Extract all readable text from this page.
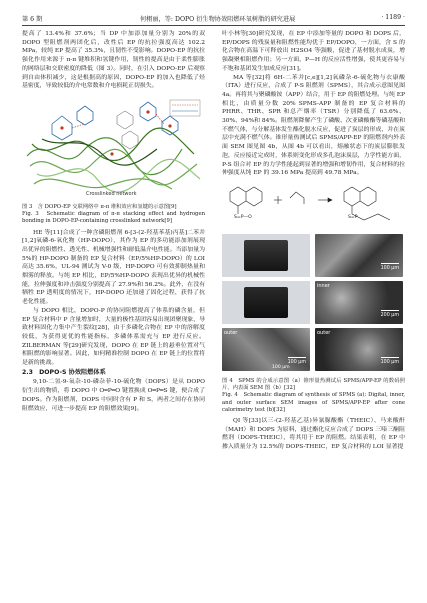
第 6 期	何栩丽，等: DOPO 衍生物协效阻燃环氧树脂的研究进展	· 1189 ·

提高了 13.4%和 37.6%；当 DP 中加添加量分别为 20%的双 DOPO 型阻燃剂两团化后，改性后 EP 的抗拉强度高达 102.2 MPa，较纯 EP 提高了 35.3%，且韧性不受影响。DOPO-EP 的抗拉强化作用来源于 π-π 键堆积和氢键作用，韧性的提高是由于柔性膨胀的网络层和交联密度的降低（图 3）。同时，在引入 DOPO-EP 后观察到自由体积减少，这是根据高的原因，DOPO-EP 的加入也降低了烃基密度，导致较低的介电常数和介电损耗正切损失。

Crosslinked network
图 3　含 DOPO-EP 交联网络中 π-π 堆积效应和氢键的示意图[9]
Fig. 3　Schematic diagram of π-π stacking effect and hydrogen bonding in DOPO-EP-containing crosslinked network[9]

HE 等[11]合成了一种含磷阻燃剂 6-[3-(2-羟基苯基)丙基]二苯并[1,2]氧磷-6-氧化物（HP-DOPO），其作为 EP 的多功能添加剂展现出优异的阻燃性、透光性、机械增强性和耐低温介电性能。当添加量为 5%的 HP-DOPO 制备的 EP 复合材料（EP/5%HP-DOPO）的 LOI 高达 35.6%，UL-94 测试为 V-0 级，HP-DOPO 可有效抑制热量和烟雾的释放。与纯 EP 相比，EP/5%HP-DOPO 表现出优异的机械性能，拉伸强度和冲击强度分别提高了 27.9%和 56.2%。此外，在没有牺牲 EP 透明度的情况下，HP-DOPO 还加速了固化过程，获得了抗老化性能。

与 DOPO 相比，DOPO-P 的协同阻燃提高了体系的磷含量，但 EP 复合材料中 P 含量增加时，大量的极性基团容易出现团聚现象，导致材料固化力集中产生裂纹[28]，由于多磷化合物在 EP 中的溶解度较低，为获得更优的性能指标，多磷体系需充与 EP 进行反应。ZILBERMAN 等[29]研究发现，DOPO 在 EP 链上的悬垂位置对气相阻燃的影响显著。因此，如何精准控制 DOPO 在 EP 链上的位置将是新的挑战。

2.3　DOPO-S 协效阻燃体系

9,10-二氢-9-氧杂-10-磷杂菲-10-硫化物（DOPS）是从 DOPO 衍生出的物质，将 DOPO 中 O═P═O 键置换成 O═P═S 键，便合成了 DOPS。作为阻燃剂，DOPS 中同时含有 P 和 S，两者之间存在协同阻燃效应，可进一步提高 EP 的阻燃效果[9]。

叶小林等[30]研究发现，在 EP 中添加等量的 DOPO 和 DOPS 后，EP/DOPS 的残炭量和阻燃性能均优于 EP/DOPO，一方面，含 S 的化合物在高温下可释放出 H2SO4 等强酸，促进了基材脱水成炭，增强凝聚相阻燃作用；另一方面，P—H 的反应活性增强，使其更容易与不饱和基团发生加成反应[31]。

MA 等[32]将 6H-二苯并[c,e][1,2]氧磷杂-6-硫化物与衣康酸（ITA）进行反应，合成了 P-S 阻燃剂（SPMS），其合成示意图见图 4a。再将其与聚磷酸铵（APP）结合，用于 EP 的阻燃处理。与纯 EP 相比，由质量分数 20% SPMS-APP 制备的 EP 复合材料的 PHRR、THR、SPR 和总产烟率（TSR）分别降低了 63.6%、30%、94%和 84%。阻燃剂降解产生了磷酸、次亚磷酸酯等磷基酸和不燃气体，与分解基体发生酯化脱水反应，促进了炭层的形成，并在炭层中充满不燃气体。锥形量热测试后 SPMS/APP-EP 的阻燃剂内外表面 SEM 图见图 4b，从图 4b 可以看出，熔融状态下的炭层膨胀发泡，反应接近完成时，体系则变化形成多孔泡沫炭层，力学性能方面，P-S 组合对 EP 的力学性能起到显著的增强和增韧作用，复合材料的拉伸强度从纯 EP 的 39.16 MPa 提高到 49.78 MPa。

S=P—O	S=P
100 μm
inner
200 μm
outer
100 μm
outer
100 μm
100 μm
图 4　SPMS 的合成示意图（a）锥形量热测试后 SPMS/APP-EP 的数码照片、内表面 SEM 图（b）[32]
Fig. 4　Schematic diagram of synthesis of SPMS (a); Digital, inner, and outer surface SEM images of SPMS/APP-EP after cone calorimetry test (b)[32]

QI 等[33]以三-(2-羟基乙基)异氰脲酸酯（THEIC）、马来酸酐（MAH）和 DOPS 为原料，通过酯化反应合成了 DOPS 三嗪三酮阻燃剂（DOPS-THEIC），将其用于 EP 的阻燃。结果表明，在 EP 中掺入质量分为 12.5%的 DOPS-THEIC，EP 复合材料的 LOI 显著提
